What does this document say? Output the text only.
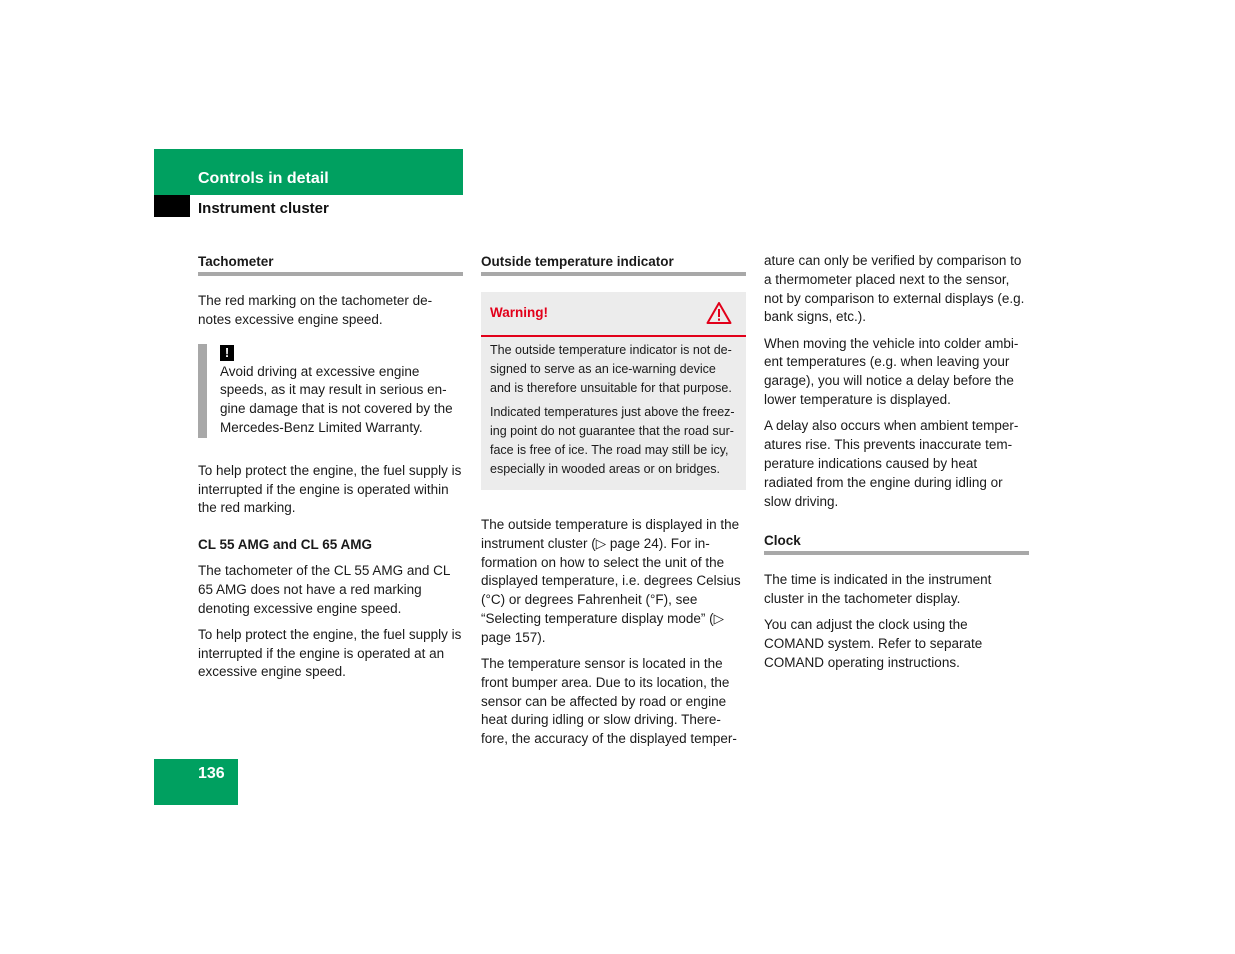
Controls in detail
Instrument cluster
Tachometer

The red marking on the tachometer de-notes excessive engine speed.

!
Avoid driving at excessive engine speeds, as it may result in serious en-gine damage that is not covered by the Mercedes-Benz Limited Warranty.

To help protect the engine, the fuel supply is interrupted if the engine is operated within the red marking.

CL 55 AMG and CL 65 AMG

The tachometer of the CL 55 AMG and CL 65 AMG does not have a red marking denoting excessive engine speed.

To help protect the engine, the fuel supply is interrupted if the engine is operated at an excessive engine speed.

Outside temperature indicator
Warning!

The outside temperature indicator is not de-signed to serve as an ice-warning device and is therefore unsuitable for that purpose.

Indicated temperatures just above the freez-ing point do not guarantee that the road sur-face is free of ice. The road may still be icy, especially in wooded areas or on bridges.

The outside temperature is displayed in the instrument cluster (▷ page 24). For in-formation on how to select the unit of the displayed temperature, i.e. degrees Celsius (°C) or degrees Fahrenheit (°F), see “Selecting temperature display mode” (▷ page 157).

The temperature sensor is located in the front bumper area. Due to its location, the sensor can be affected by road or engine heat during idling or slow driving. There-fore, the accuracy of the displayed temper-

ature can only be verified by comparison to a thermometer placed next to the sensor, not by comparison to external displays (e.g. bank signs, etc.).

When moving the vehicle into colder ambi-ent temperatures (e.g. when leaving your garage), you will notice a delay before the lower temperature is displayed.

A delay also occurs when ambient temper-atures rise. This prevents inaccurate tem-perature indications caused by heat radiated from the engine during idling or slow driving.

Clock

The time is indicated in the instrument cluster in the tachometer display.

You can adjust the clock using the COMAND system. Refer to separate COMAND operating instructions.

136
